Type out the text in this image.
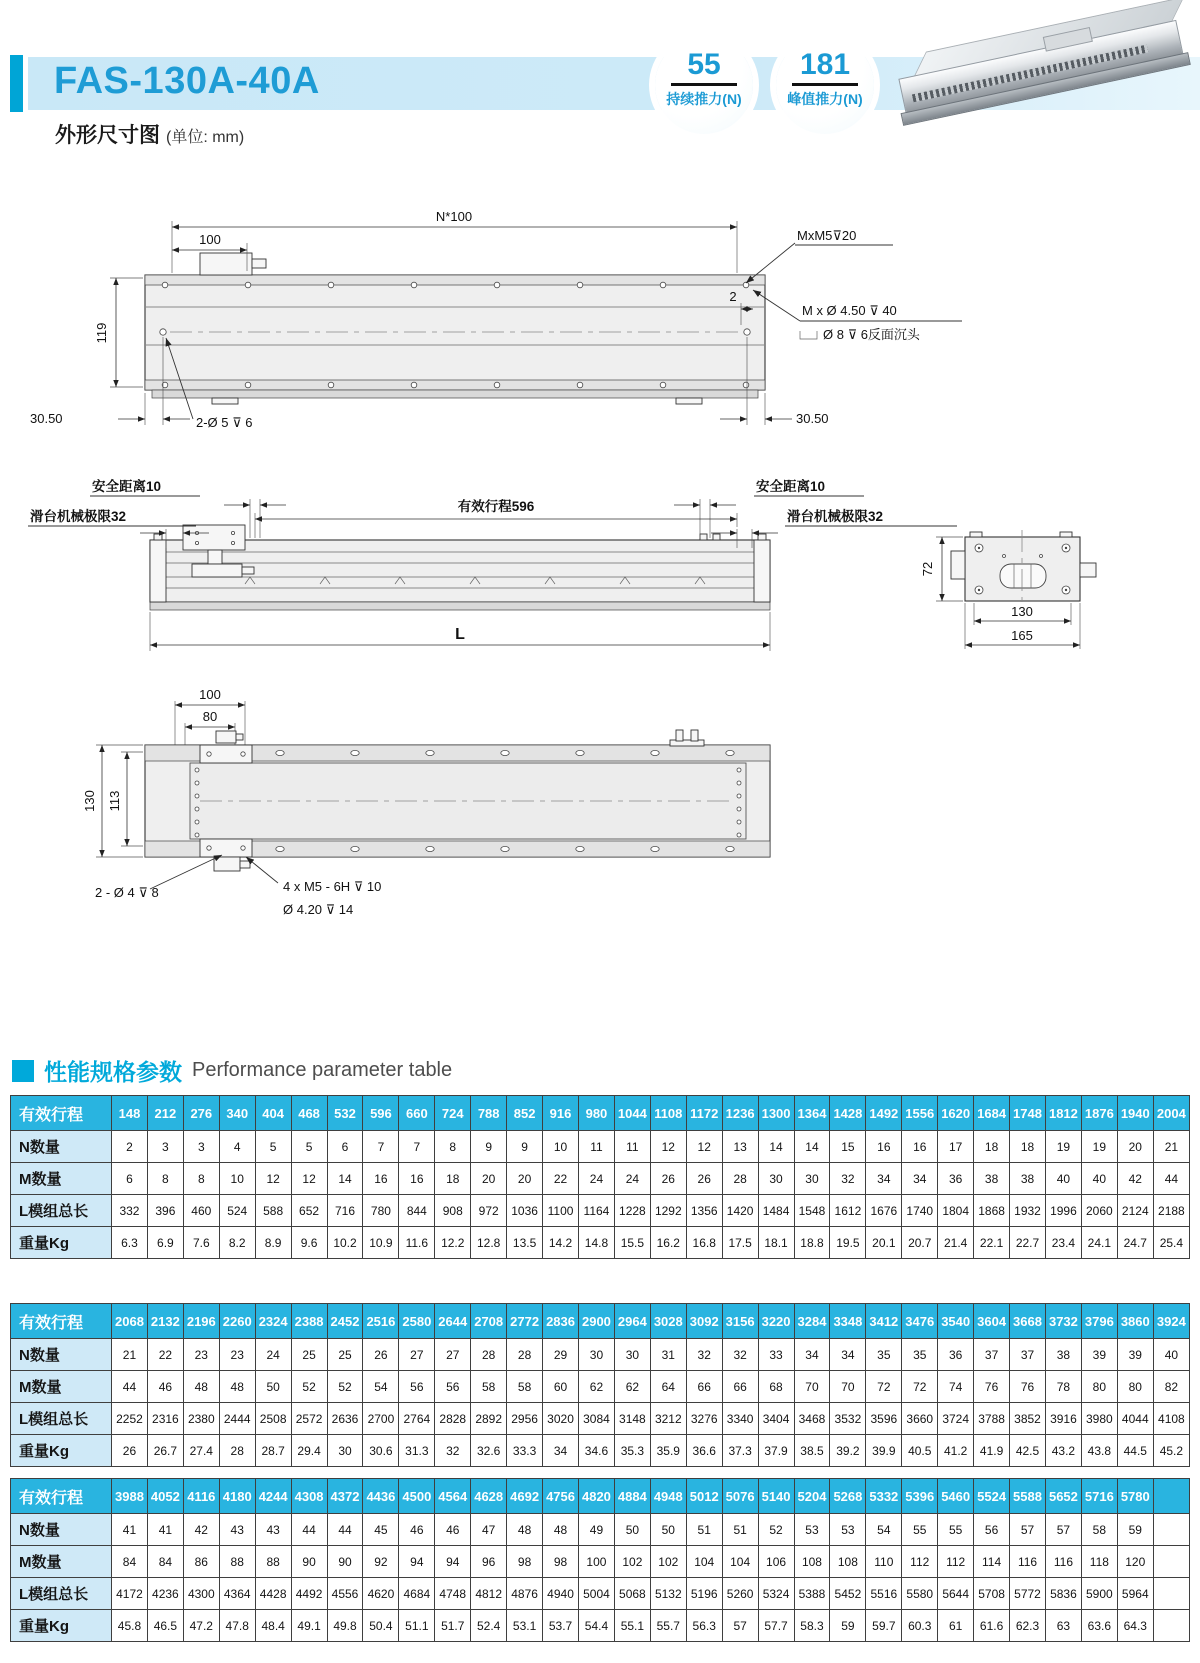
FAS-130A-40A	55
持续推力(N)
181
峰值推力(N)
外形尺寸图 (单位: mm)
N*100
100
119
2
30.50	30.50
2-Ø 5 ⊽ 6
MxM5⊽20
M x Ø 4.50 ⊽ 40
Ø 8 ⊽ 6反面沉头
安全距离10	安全距离10
滑台机械极限32	滑台机械极限32
有效行程596
L
72
130
165
100
80
130 113
2 - Ø 4 ⊽ 8	4 x M5 - 6H ⊽ 10
Ø 4.20 ⊽ 14
性能规格参数 Performance parameter table
有效行程	148	212	276	340	404	468	532	596	660	724	788	852	916	980	1044	1108	1172	1236	1300	1364	1428	1492	1556	1620	1684	1748	1812	1876	1940	2004
N数量	2	3	3	4	5	5	6	7	7	8	9	9	10	11	11	12	12	13	14	14	15	16	16	17	18	18	19	19	20	21
M数量	6	8	8	10	12	12	14	16	16	18	20	20	22	24	24	26	26	28	30	30	32	34	34	36	38	38	40	40	42	44
L模组总长	332	396	460	524	588	652	716	780	844	908	972	1036	1100	1164	1228	1292	1356	1420	1484	1548	1612	1676	1740	1804	1868	1932	1996	2060	2124	2188
重量Kg	6.3	6.9	7.6	8.2	8.9	9.6	10.2	10.9	11.6	12.2	12.8	13.5	14.2	14.8	15.5	16.2	16.8	17.5	18.1	18.8	19.5	20.1	20.7	21.4	22.1	22.7	23.4	24.1	24.7	25.4
有效行程	2068	2132	2196	2260	2324	2388	2452	2516	2580	2644	2708	2772	2836	2900	2964	3028	3092	3156	3220	3284	3348	3412	3476	3540	3604	3668	3732	3796	3860	3924
N数量	21	22	23	23	24	25	25	26	27	27	28	28	29	30	30	31	32	32	33	34	34	35	35	36	37	37	38	39	39	40
M数量	44	46	48	48	50	52	52	54	56	56	58	58	60	62	62	64	66	66	68	70	70	72	72	74	76	76	78	80	80	82
L模组总长	2252	2316	2380	2444	2508	2572	2636	2700	2764	2828	2892	2956	3020	3084	3148	3212	3276	3340	3404	3468	3532	3596	3660	3724	3788	3852	3916	3980	4044	4108
重量Kg	26	26.7	27.4	28	28.7	29.4	30	30.6	31.3	32	32.6	33.3	34	34.6	35.3	35.9	36.6	37.3	37.9	38.5	39.2	39.9	40.5	41.2	41.9	42.5	43.2	43.8	44.5	45.2
有效行程	3988	4052	4116	4180	4244	4308	4372	4436	4500	4564	4628	4692	4756	4820	4884	4948	5012	5076	5140	5204	5268	5332	5396	5460	5524	5588	5652	5716	5780	
N数量	41	41	42	43	43	44	44	45	46	46	47	48	48	49	50	50	51	51	52	53	53	54	55	55	56	57	57	58	59	
M数量	84	84	86	88	88	90	90	92	94	94	96	98	98	100	102	102	104	104	106	108	108	110	112	112	114	116	116	118	120	
L模组总长	4172	4236	4300	4364	4428	4492	4556	4620	4684	4748	4812	4876	4940	5004	5068	5132	5196	5260	5324	5388	5452	5516	5580	5644	5708	5772	5836	5900	5964	
重量Kg	45.8	46.5	47.2	47.8	48.4	49.1	49.8	50.4	51.1	51.7	52.4	53.1	53.7	54.4	55.1	55.7	56.3	57	57.7	58.3	59	59.7	60.3	61	61.6	62.3	63	63.6	64.3	
